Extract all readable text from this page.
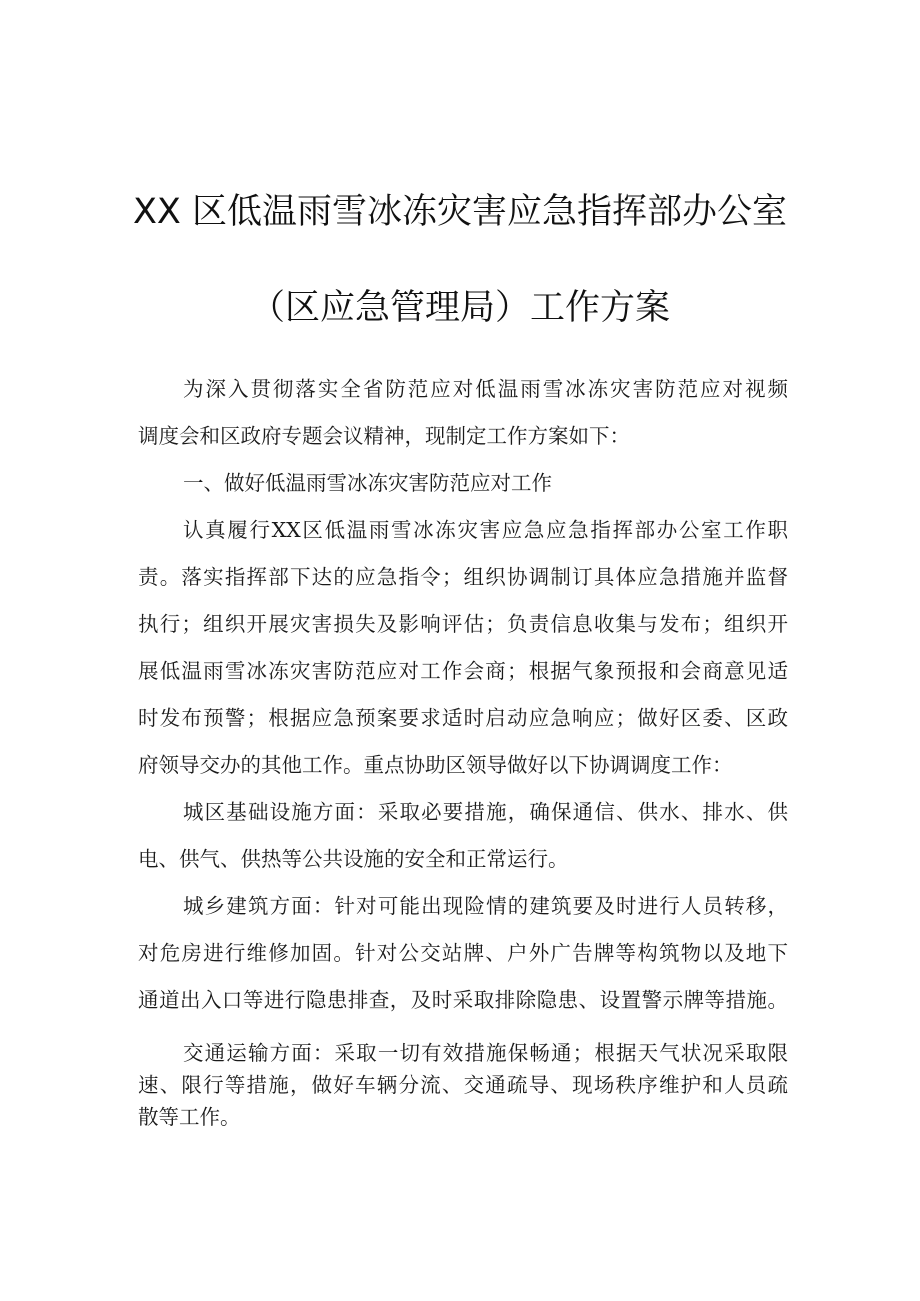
XX 区低温雨雪冰冻灾害应急指挥部办公室
（区应急管理局）工作方案

为深入贯彻落实全省防范应对低温雨雪冰冻灾害防范应对视频

调度会和区政府专题会议精神，现制定工作方案如下：

一、做好低温雨雪冰冻灾害防范应对工作

认真履行XX区低温雨雪冰冻灾害应急应急指挥部办公室工作职

责。落实指挥部下达的应急指令；组织协调制订具体应急措施并监督

执行；组织开展灾害损失及影响评估；负责信息收集与发布；组织开

展低温雨雪冰冻灾害防范应对工作会商；根据气象预报和会商意见适

时发布预警；根据应急预案要求适时启动应急响应；做好区委、区政

府领导交办的其他工作。重点协助区领导做好以下协调调度工作：

城区基础设施方面：采取必要措施，确保通信、供水、排水、供

电、供气、供热等公共设施的安全和正常运行。

城乡建筑方面：针对可能出现险情的建筑要及时进行人员转移，

对危房进行维修加固。针对公交站牌、户外广告牌等构筑物以及地下

通道出入口等进行隐患排查，及时采取排除隐患、设置警示牌等措施。

交通运输方面：采取一切有效措施保畅通；根据天气状况采取限

速、限行等措施，做好车辆分流、交通疏导、现场秩序维护和人员疏

散等工作。
